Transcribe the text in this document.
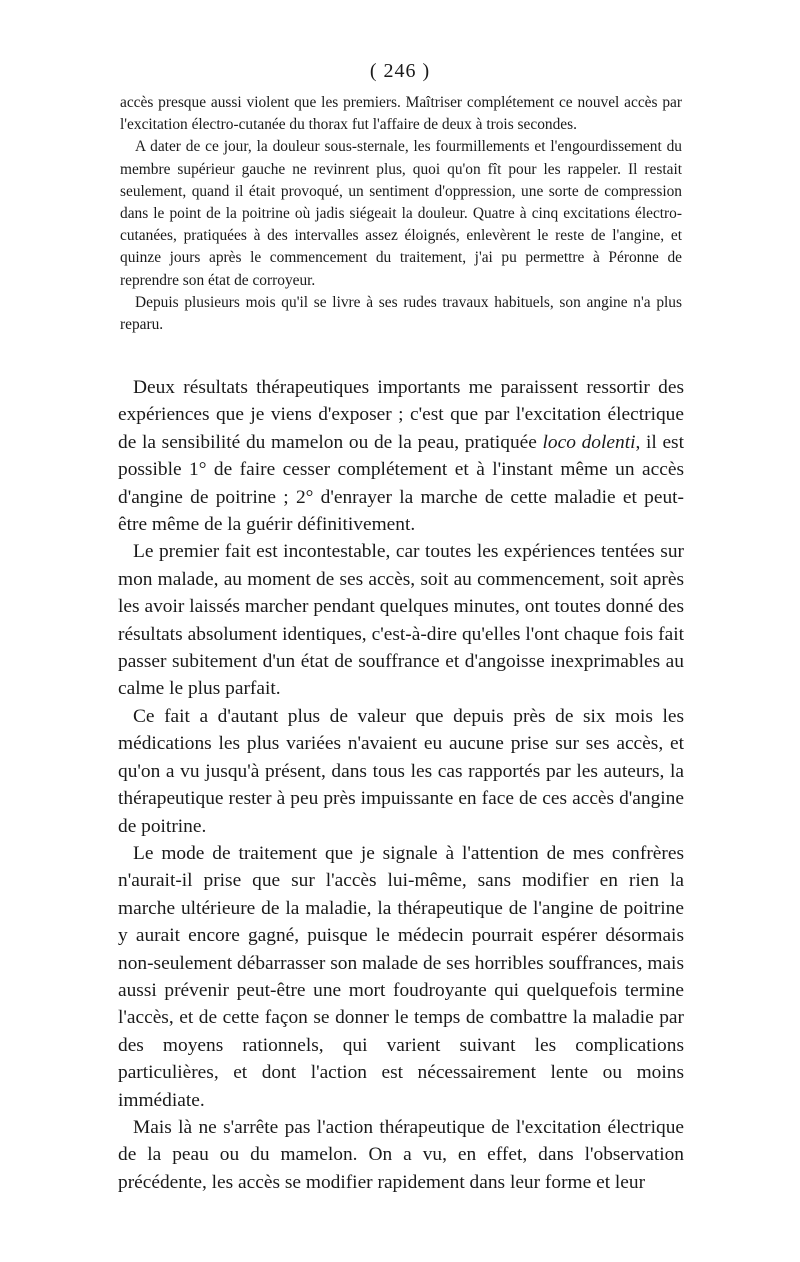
( 246 )

accès presque aussi violent que les premiers. Maîtriser complétement ce nouvel accès par l'excitation électro-cutanée du thorax fut l'affaire de deux à trois secondes.

A dater de ce jour, la douleur sous-sternale, les fourmillements et l'engourdissement du membre supérieur gauche ne revinrent plus, quoi qu'on fît pour les rappeler. Il restait seulement, quand il était provoqué, un sentiment d'oppression, une sorte de compression dans le point de la poitrine où jadis siégeait la douleur. Quatre à cinq excitations électro-cutanées, pratiquées à des intervalles assez éloignés, enlevèrent le reste de l'angine, et quinze jours après le commencement du traitement, j'ai pu permettre à Péronne de reprendre son état de corroyeur.

Depuis plusieurs mois qu'il se livre à ses rudes travaux habituels, son angine n'a plus reparu.

Deux résultats thérapeutiques importants me paraissent ressortir des expériences que je viens d'exposer ; c'est que par l'excitation électrique de la sensibilité du mamelon ou de la peau, pratiquée loco dolenti, il est possible 1° de faire cesser complétement et à l'instant même un accès d'angine de poitrine ; 2° d'enrayer la marche de cette maladie et peut-être même de la guérir définitivement.

Le premier fait est incontestable, car toutes les expériences tentées sur mon malade, au moment de ses accès, soit au commencement, soit après les avoir laissés marcher pendant quelques minutes, ont toutes donné des résultats absolument identiques, c'est-à-dire qu'elles l'ont chaque fois fait passer subitement d'un état de souffrance et d'angoisse inexprimables au calme le plus parfait.

Ce fait a d'autant plus de valeur que depuis près de six mois les médications les plus variées n'avaient eu aucune prise sur ses accès, et qu'on a vu jusqu'à présent, dans tous les cas rapportés par les auteurs, la thérapeutique rester à peu près impuissante en face de ces accès d'angine de poitrine.

Le mode de traitement que je signale à l'attention de mes confrères n'aurait-il prise que sur l'accès lui-même, sans modifier en rien la marche ultérieure de la maladie, la thérapeutique de l'angine de poitrine y aurait encore gagné, puisque le médecin pourrait espérer désormais non-seulement débarrasser son malade de ses horribles souffrances, mais aussi prévenir peut-être une mort foudroyante qui quelquefois termine l'accès, et de cette façon se donner le temps de combattre la maladie par des moyens rationnels, qui varient suivant les complications particulières, et dont l'action est nécessairement lente ou moins immédiate.

Mais là ne s'arrête pas l'action thérapeutique de l'excitation électrique de la peau ou du mamelon. On a vu, en effet, dans l'observation précédente, les accès se modifier rapidement dans leur forme et leur
